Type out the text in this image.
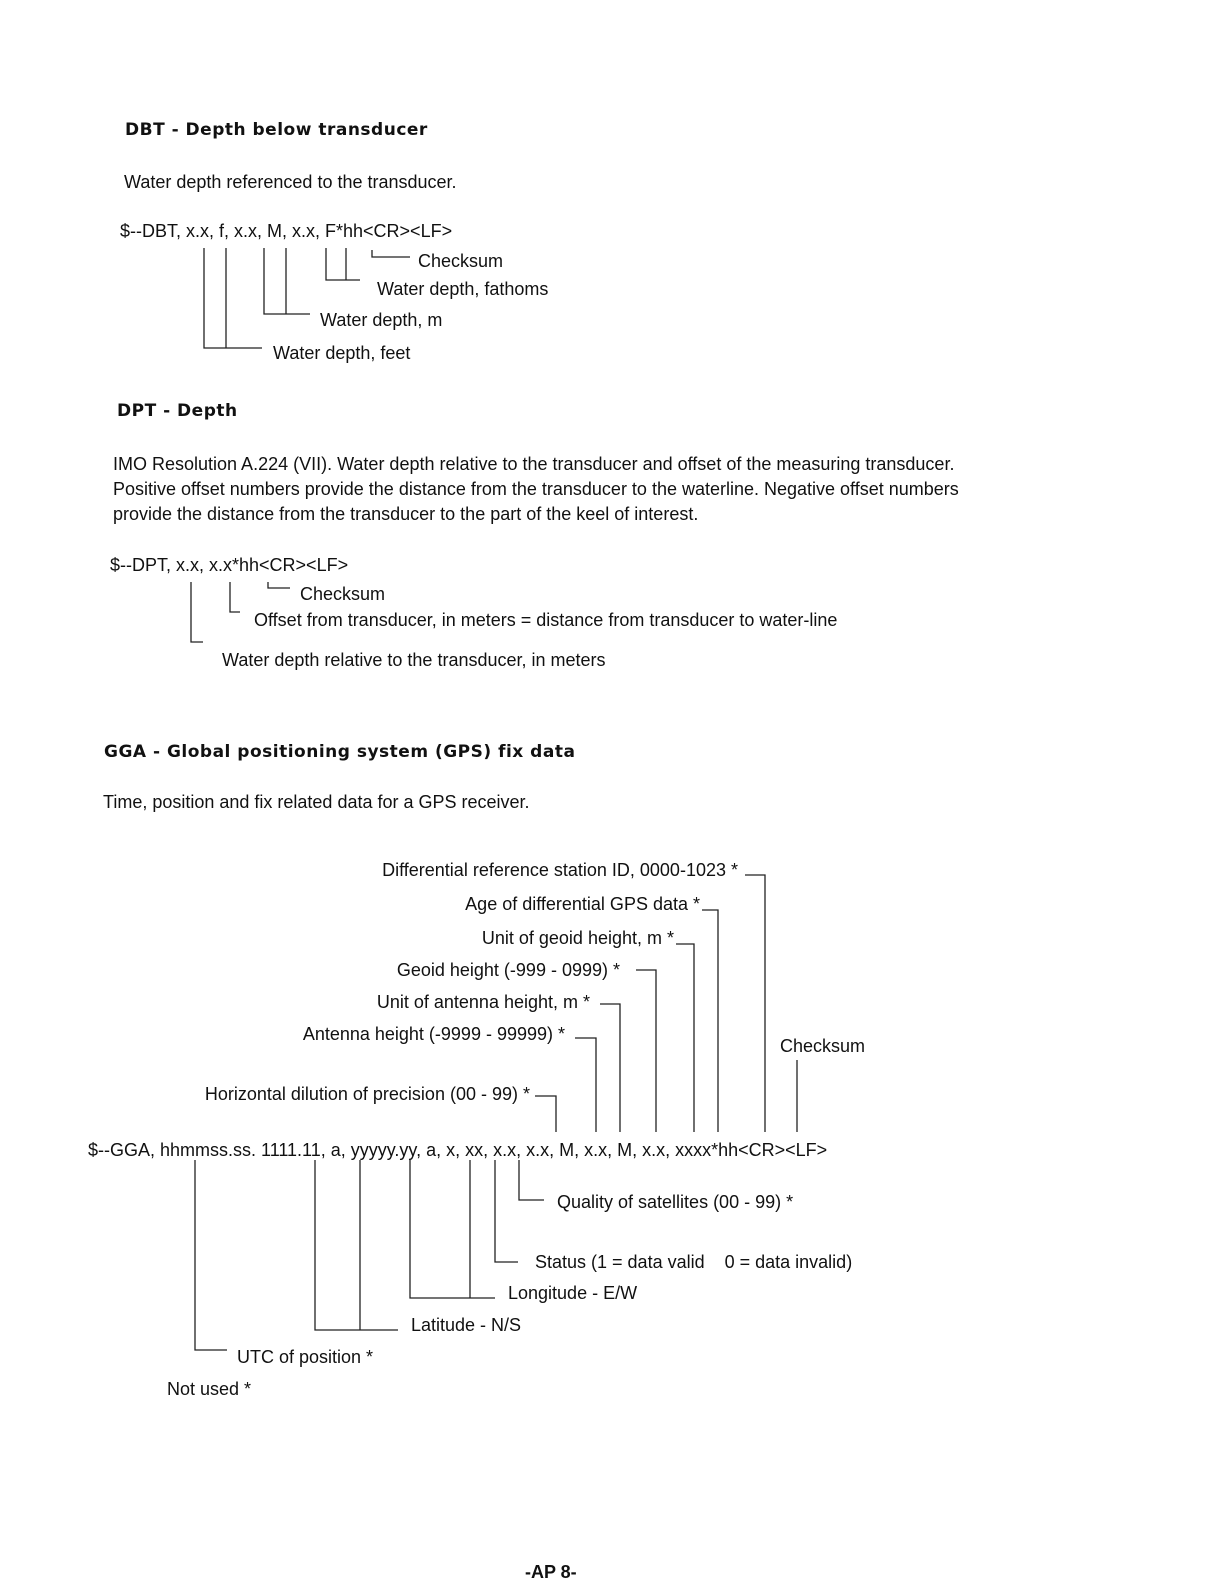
DBT - Depth below transducer
Water depth referenced to the transducer.
$--DBT, x.x, f, x.x, M, x.x, F*hh<CR><LF>
Checksum
Water depth, fathoms
Water depth, m
Water depth, feet
DPT - Depth
IMO Resolution A.224 (VII). Water depth relative to the transducer and offset of the measuring transducer.
Positive offset numbers provide the distance from the transducer to the waterline. Negative offset numbers
provide the distance from the transducer to the part of the keel of interest.
$--DPT, x.x, x.x*hh<CR><LF>
Checksum
Offset from transducer, in meters = distance from transducer to water-line
Water depth relative to the transducer, in meters
GGA - Global positioning system (GPS) fix data
Time, position and fix related data for a GPS receiver.
Differential reference station ID, 0000-1023 *
Age of differential GPS data *
Unit of geoid height, m *
Geoid height (-999 - 0999) *
Unit of antenna height, m *
Antenna height (-9999 - 99999) *
Checksum
Horizontal dilution of precision (00 - 99) *
$--GGA, hhmmss.ss. 1111.11, a, yyyyy.yy, a, x, xx, x.x, x.x, M, x.x, M, x.x, xxxx*hh<CR><LF>
Quality of satellites (00 - 99) *
Status (1 = data valid    0 = data invalid)
Longitude - E/W
Latitude - N/S
UTC of position *
Not used *
-AP 8-
